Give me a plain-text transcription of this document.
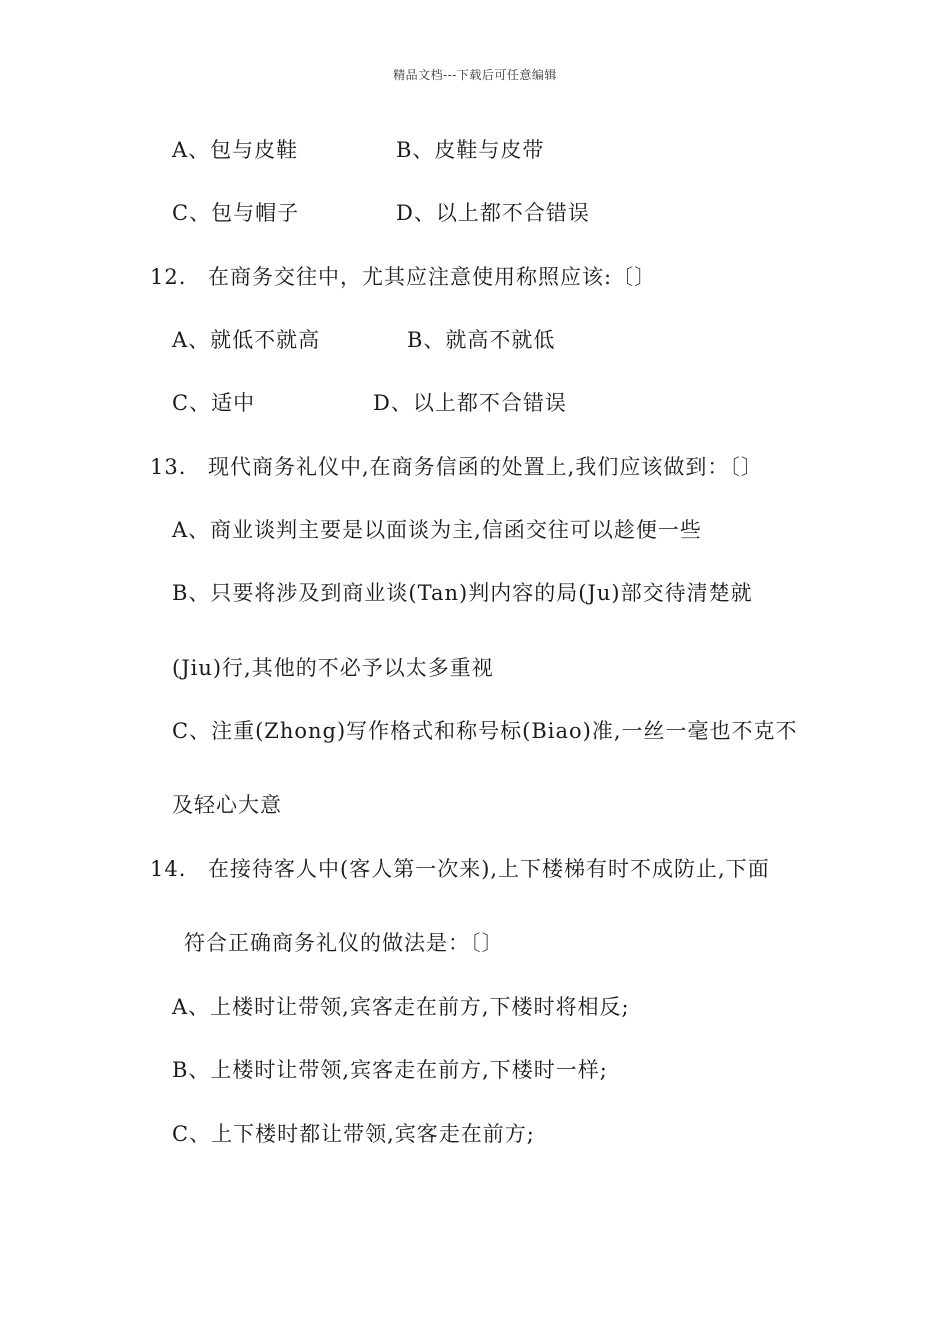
精品文档---下载后可任意编辑
A、包与皮鞋	B、皮鞋与皮带
C、包与帽子	D、以上都不合错误
12. 在商务交往中，尤其应注意使用称照应该:〔〕
A、就低不就高	B、就高不就低
C、适中	D、以上都不合错误
13. 现代商务礼仪中,在商务信函的处置上,我们应该做到：〔〕
A、商业谈判主要是以面谈为主,信函交往可以趁便一些
B、只要将涉及到商业谈(Tan)判内容的局(Ju)部交待清楚就
(Jiu)行,其他的不必予以太多重视
C、注重(Zhong)写作格式和称号标(Biao)准,一丝一毫也不克不
及轻心大意
14. 在接待客人中(客人第一次来),上下楼梯有时不成防止,下面
符合正确商务礼仪的做法是：〔〕
A、上楼时让带领,宾客走在前方,下楼时将相反;
B、上楼时让带领,宾客走在前方,下楼时一样;
C、上下楼时都让带领,宾客走在前方;
